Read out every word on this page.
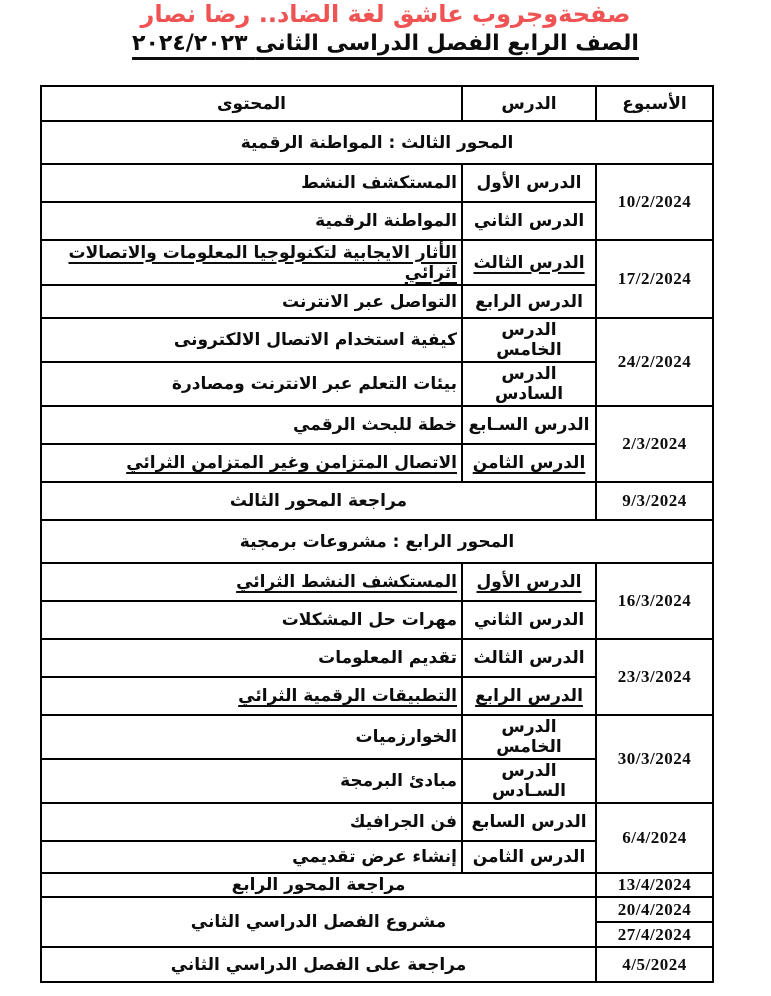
صفحةوجروب عاشق لغة الضاد.. رضا نصار
الصف الرابع الفصل الدراسى الثانى ٢٠٢٤/٢٠٢٣
الأسبوع	الدرس	المحتوى
المحور الثالث : المواطنة الرقمية		
10/2/2024	الدرس الأول	المستكشف النشط
	الدرس الثاني	المواطنة الرقمية
17/2/2024	الدرس الثالث	الأثار الايجابية لتكنولوجيا المعلومات والاتصالات اثرائي
	الدرس الرابع	التواصل عبر الانترنت
24/2/2024	الدرس الخامس	كيفية استخدام الاتصال الالكترونى
	الدرس السادس	بيئات التعلم عبر الانترنت ومصادرة
2/3/2024	الدرس السـابع	خطة للبحث الرقمي
	الدرس الثامن	الاتصال المتزامن وغير المتزامن الثرائي
9/3/2024	مراجعة المحور الثالث	
المحور الرابع : مشروعات برمجية		
16/3/2024	الدرس الأول	المستكشف النشط الثرائي
	الدرس الثاني	مهرات حل المشكلات
23/3/2024	الدرس الثالث	تقديم المعلومات
	الدرس الرابع	التطبيقات الرقمية الثرائي
30/3/2024	الدرس الخامس	الخوارزميات
	الدرس السـادس	مبادئ البرمجة
6/4/2024	الدرس السابع	فن الجرافيك
	الدرس الثامن	إنشاء عرض تقديمي
13/4/2024	مراجعة المحور الرابع	
20/4/2024	مشروع الفصل الدراسي الثاني	
27/4/2024		
4/5/2024	مراجعة على الفصل الدراسي الثاني	
